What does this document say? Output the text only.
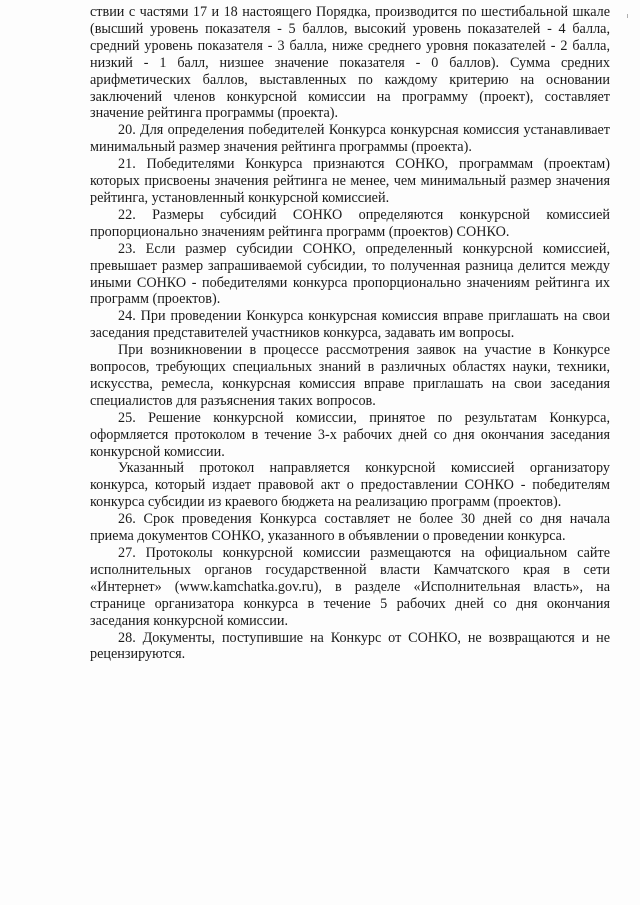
ствии с частями 17 и 18 настоящего Порядка, производится по шестибальной шкале (высший уровень показателя - 5 баллов, высокий уровень показателей - 4 балла, средний уровень показателя - 3 балла, ниже среднего уровня показателей - 2 балла, низкий - 1 балл, низшее значение показателя - 0 баллов). Сумма средних арифметических баллов, выставленных по каждому критерию на основании заключений членов конкурсной комиссии на программу (проект), составляет значение рейтинга программы (проекта).

20. Для определения победителей Конкурса конкурсная комиссия устанавливает минимальный размер значения рейтинга программы (проекта).

21. Победителями Конкурса признаются СОНКО, программам (проектам) которых присвоены значения рейтинга не менее, чем минимальный размер значения рейтинга, установленный конкурсной комиссией.

22. Размеры субсидий СОНКО определяются конкурсной комиссией пропорционально значениям рейтинга программ (проектов) СОНКО.

23. Если размер субсидии СОНКО, определенный конкурсной комиссией, превышает размер запрашиваемой субсидии, то полученная разница делится между иными СОНКО - победителями конкурса пропорционально значениям рейтинга их программ (проектов).

24. При проведении Конкурса конкурсная комиссия вправе приглашать на свои заседания представителей участников конкурса, задавать им вопросы.

При возникновении в процессе рассмотрения заявок на участие в Конкурсе вопросов, требующих специальных знаний в различных областях науки, техники, искусства, ремесла, конкурсная комиссия вправе приглашать на свои заседания специалистов для разъяснения таких вопросов.

25. Решение конкурсной комиссии, принятое по результатам Конкурса, оформляется протоколом в течение 3-х рабочих дней со дня окончания заседания конкурсной комиссии.

Указанный протокол направляется конкурсной комиссией организатору конкурса, который издает правовой акт о предоставлении СОНКО - победителям конкурса субсидии из краевого бюджета на реализацию программ (проектов).

26. Срок проведения Конкурса составляет не более 30 дней со дня начала приема документов СОНКО, указанного в объявлении о проведении конкурса.

27. Протоколы конкурсной комиссии размещаются на официальном сайте исполнительных органов государственной власти Камчатского края в сети «Интернет» (www.kamchatka.gov.ru), в разделе «Исполнительная власть», на странице организатора конкурса в течение 5 рабочих дней со дня окончания заседания конкурсной комиссии.

28. Документы, поступившие на Конкурс от СОНКО, не возвращаются и не рецензируются.
